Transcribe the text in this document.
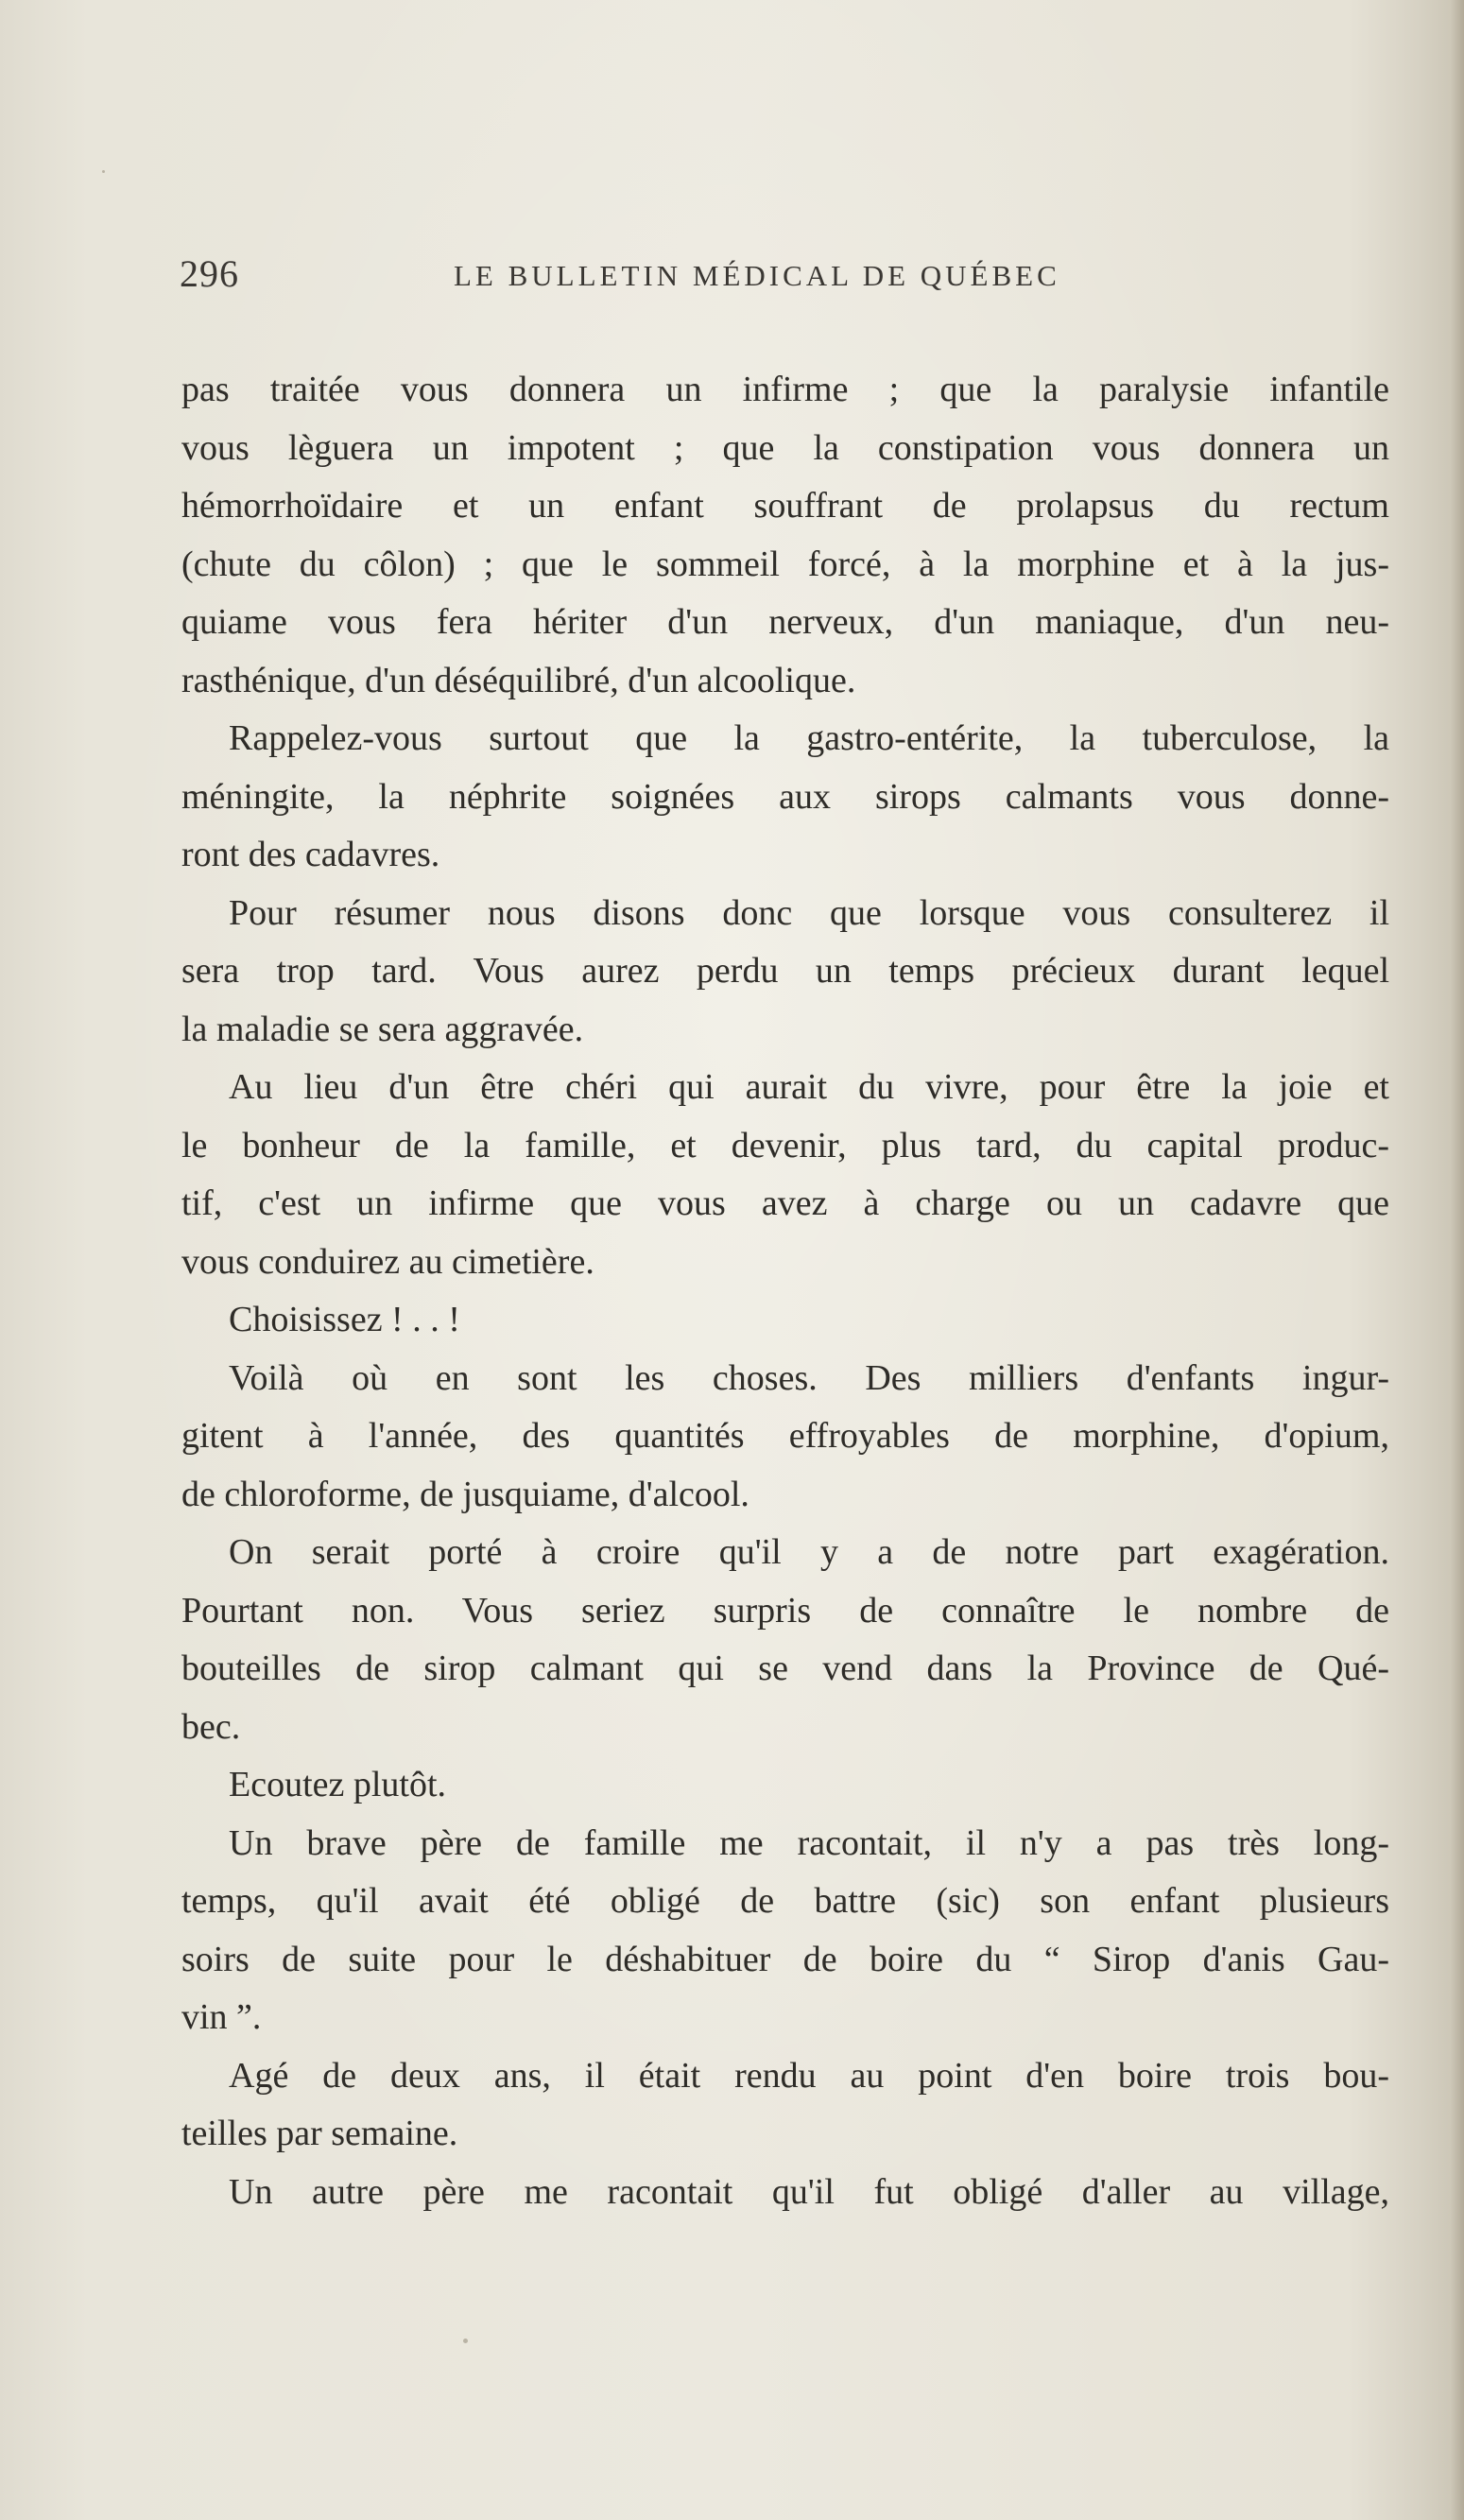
296	LE BULLETIN MÉDICAL DE QUÉBEC
pas traitée vous donnera un infirme ; que la paralysie infantile
vous lèguera un impotent ; que la constipation vous donnera un
hémorrhoïdaire et un enfant souffrant de prolapsus du rectum
(chute du côlon) ; que le sommeil forcé, à la morphine et à la jus-
quiame vous fera hériter d'un nerveux, d'un maniaque, d'un neu-
rasthénique, d'un déséquilibré, d'un alcoolique.
Rappelez-vous surtout que la gastro-entérite, la tuberculose, la
méningite, la néphrite soignées aux sirops calmants vous donne-
ront des cadavres.
Pour résumer nous disons donc que lorsque vous consulterez il
sera trop tard. Vous aurez perdu un temps précieux durant lequel
la maladie se sera aggravée.
Au lieu d'un être chéri qui aurait du vivre, pour être la joie et
le bonheur de la famille, et devenir, plus tard, du capital produc-
tif, c'est un infirme que vous avez à charge ou un cadavre que
vous conduirez au cimetière.
Choisissez ! . . !
Voilà où en sont les choses. Des milliers d'enfants ingur-
gitent à l'année, des quantités effroyables de morphine, d'opium,
de chloroforme, de jusquiame, d'alcool.
On serait porté à croire qu'il y a de notre part exagération.
Pourtant non. Vous seriez surpris de connaître le nombre de
bouteilles de sirop calmant qui se vend dans la Province de Qué-
bec.
Ecoutez plutôt.
Un brave père de famille me racontait, il n'y a pas très long-
temps, qu'il avait été obligé de battre (sic) son enfant plusieurs
soirs de suite pour le déshabituer de boire du “ Sirop d'anis Gau-
vin ”.
Agé de deux ans, il était rendu au point d'en boire trois bou-
teilles par semaine.
Un autre père me racontait qu'il fut obligé d'aller au village,
